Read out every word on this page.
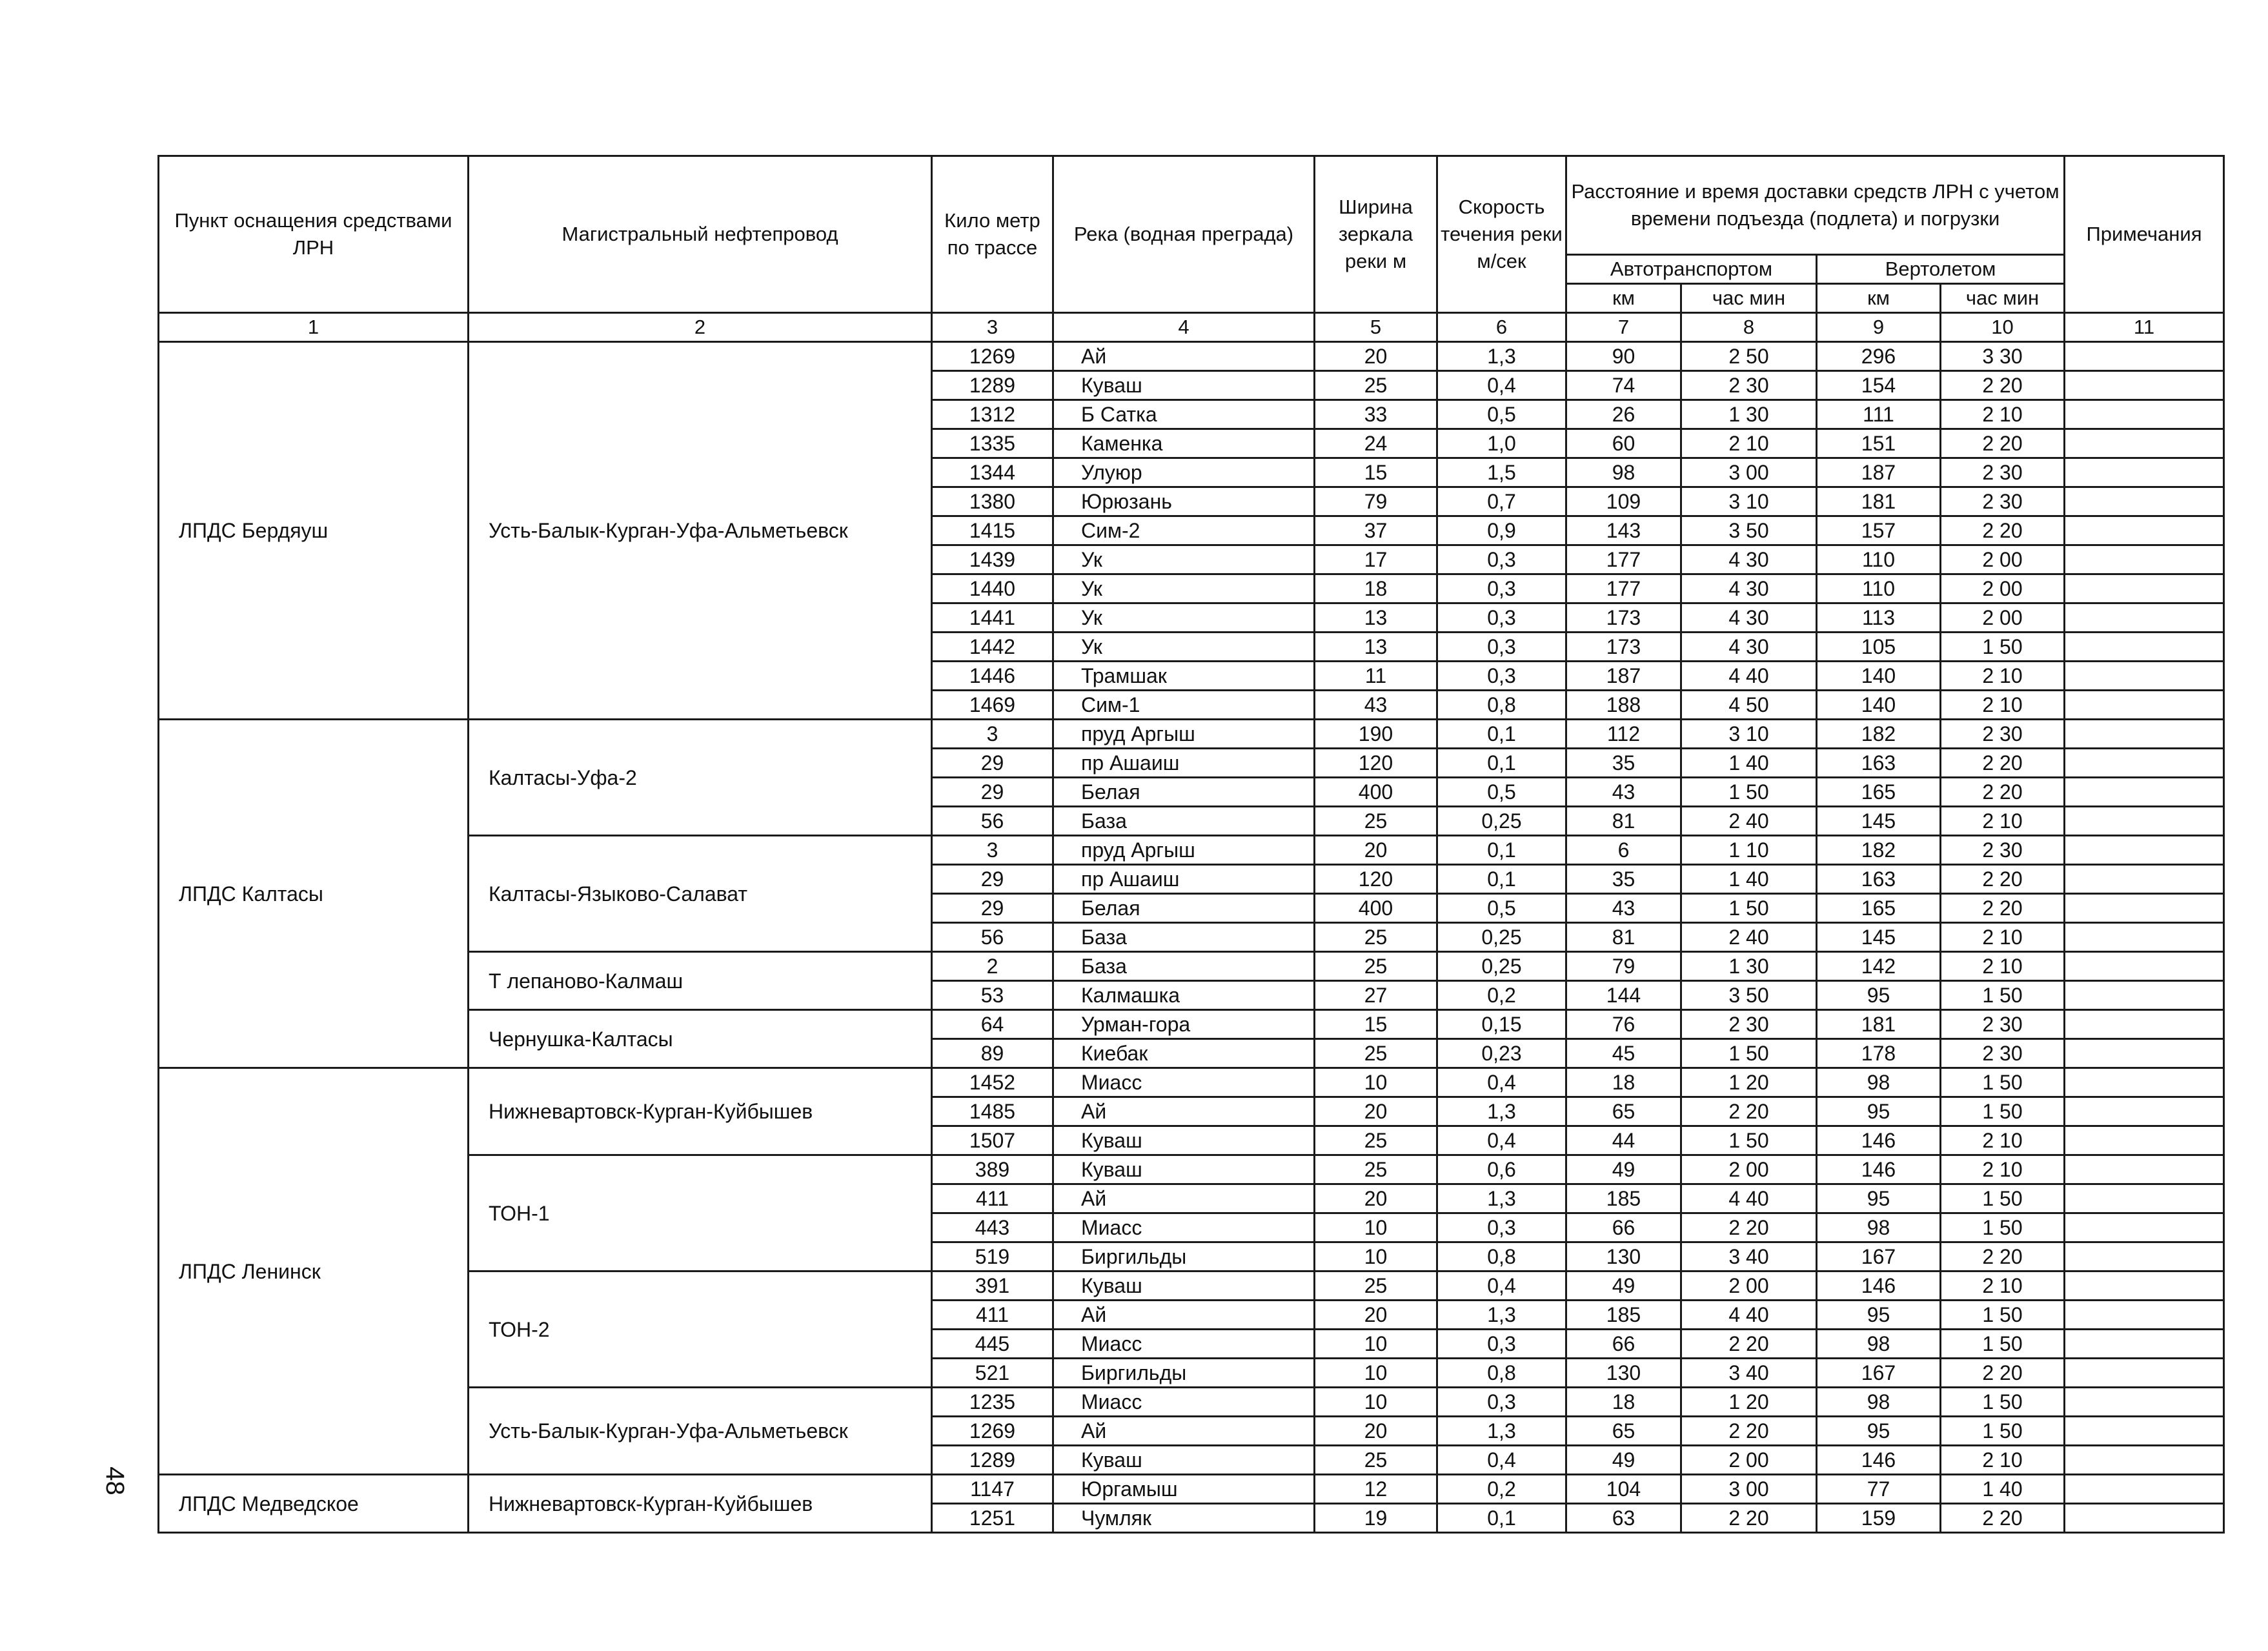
Пункт оснащения средствами ЛРН	Магистральный нефтепровод	Кило метр по трассе	Река (водная преграда)	Ширина зеркала реки м	Скорость течения реки м/сек	Расстояние и время доставки средств ЛРН с учетом времени подъезда (подлета) и погрузки				Примечания
						Автотранспортом		Вертолетом		
						км	час мин	км	час мин	
1	2	3	4	5	6	7	8	9	10	11
ЛПДС Бердяуш	Усть-Балык-Курган-Уфа-Альметьевск	1269	Ай	20	1,3	90	2 50	296	3 30	
		1289	Куваш	25	0,4	74	2 30	154	2 20	
		1312	Б Сатка	33	0,5	26	1 30	111	2 10	
		1335	Каменка	24	1,0	60	2 10	151	2 20	
		1344	Улуюр	15	1,5	98	3 00	187	2 30	
		1380	Юрюзань	79	0,7	109	3 10	181	2 30	
		1415	Сим-2	37	0,9	143	3 50	157	2 20	
		1439	Ук	17	0,3	177	4 30	110	2 00	
		1440	Ук	18	0,3	177	4 30	110	2 00	
		1441	Ук	13	0,3	173	4 30	113	2 00	
		1442	Ук	13	0,3	173	4 30	105	1 50	
		1446	Трамшак	11	0,3	187	4 40	140	2 10	
		1469	Сим-1	43	0,8	188	4 50	140	2 10	
ЛПДС Калтасы	Калтасы-Уфа-2	3	пруд Аргыш	190	0,1	112	3 10	182	2 30	
		29	пр Ашаиш	120	0,1	35	1 40	163	2 20	
		29	Белая	400	0,5	43	1 50	165	2 20	
		56	База	25	0,25	81	2 40	145	2 10	
	Калтасы-Языково-Салават	3	пруд Аргыш	20	0,1	6	1 10	182	2 30	
		29	пр Ашаиш	120	0,1	35	1 40	163	2 20	
		29	Белая	400	0,5	43	1 50	165	2 20	
		56	База	25	0,25	81	2 40	145	2 10	
	Т лепаново-Калмаш	2	База	25	0,25	79	1 30	142	2 10	
		53	Калмашка	27	0,2	144	3 50	95	1 50	
	Чернушка-Калтасы	64	Урман-гора	15	0,15	76	2 30	181	2 30	
		89	Киебак	25	0,23	45	1 50	178	2 30	
ЛПДС Ленинск	Нижневартовск-Курган-Куйбышев	1452	Миасс	10	0,4	18	1 20	98	1 50	
		1485	Ай	20	1,3	65	2 20	95	1 50	
		1507	Куваш	25	0,4	44	1 50	146	2 10	
	ТОН-1	389	Куваш	25	0,6	49	2 00	146	2 10	
		411	Ай	20	1,3	185	4 40	95	1 50	
		443	Миасс	10	0,3	66	2 20	98	1 50	
		519	Биргильды	10	0,8	130	3 40	167	2 20	
	ТОН-2	391	Куваш	25	0,4	49	2 00	146	2 10	
		411	Ай	20	1,3	185	4 40	95	1 50	
		445	Миасс	10	0,3	66	2 20	98	1 50	
		521	Биргильды	10	0,8	130	3 40	167	2 20	
	Усть-Балык-Курган-Уфа-Альметьевск	1235	Миасс	10	0,3	18	1 20	98	1 50	
		1269	Ай	20	1,3	65	2 20	95	1 50	
		1289	Куваш	25	0,4	49	2 00	146	2 10	
ЛПДС Медведское	Нижневартовск-Курган-Куйбышев	1147	Юргамыш	12	0,2	104	3 00	77	1 40	
		1251	Чумляк	19	0,1	63	2 20	159	2 20	
48
